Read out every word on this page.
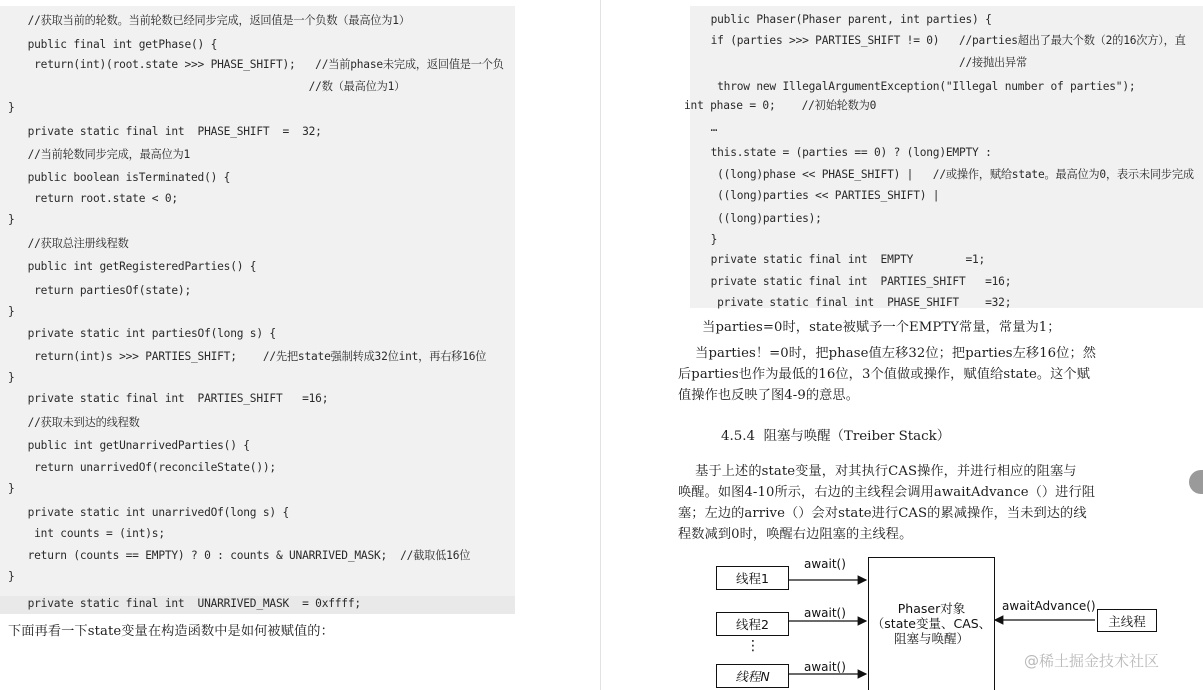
//获取当前的轮数。当前轮数已经同步完成，返回值是一个负数（最高位为1）
public final int getPhase() {
return(int)(root.state >>> PHASE_SHIFT);   //当前phase未完成，返回值是一个负
//数（最高位为1）
}
private static final int  PHASE_SHIFT  =  32;
//当前轮数同步完成，最高位为1
public boolean isTerminated() {
return root.state < 0;
}
//获取总注册线程数
public int getRegisteredParties() {
return partiesOf(state);
}
private static int partiesOf(long s) {
return(int)s >>> PARTIES_SHIFT;    //先把state强制转成32位int，再右移16位
}
private static final int  PARTIES_SHIFT   =16;
//获取未到达的线程数
public int getUnarrivedParties() {
return unarrivedOf(reconcileState());
}
private static int unarrivedOf(long s) {
int counts = (int)s;
return (counts == EMPTY) ? 0 : counts & UNARRIVED_MASK;  //截取低16位
}
private static final int  UNARRIVED_MASK  = 0xffff;
下面再看一下state变量在构造函数中是如何被赋值的：
public Phaser(Phaser parent, int parties) {
if (parties >>> PARTIES_SHIFT != 0)   //parties超出了最大个数（2的16次方），直
//接抛出异常
throw new IllegalArgumentException("Illegal number of parties");
int phase = 0;    //初始轮数为0
…
this.state = (parties == 0) ? (long)EMPTY :
((long)phase << PHASE_SHIFT) |   //或操作，赋给state。最高位为0，表示未同步完成
((long)parties << PARTIES_SHIFT) |
((long)parties);
}
private static final int  EMPTY        =1;
private static final int  PARTIES_SHIFT   =16;
private static final int  PHASE_SHIFT    =32;
当parties=0时，state被赋予一个EMPTY常量，常量为1；
当parties！=0时，把phase值左移32位；把parties左移16位；然
后parties也作为最低的16位，3个值做或操作，赋值给state。这个赋
值操作也反映了图4-9的意思。
4.5.4  阻塞与唤醒（Treiber Stack）
基于上述的state变量，对其执行CAS操作，并进行相应的阻塞与
唤醒。如图4-10所示，右边的主线程会调用awaitAdvance（）进行阻
塞；左边的arrive（）会对state进行CAS的累减操作，当未到达的线
程数减到0时，唤醒右边阻塞的主线程。
线程1
线程2
⋮
线程N
await()
await()
await()
Phaser对象
（state变量、CAS、
阻塞与唤醒）
awaitAdvance()
主线程
@稀土掘金技术社区
